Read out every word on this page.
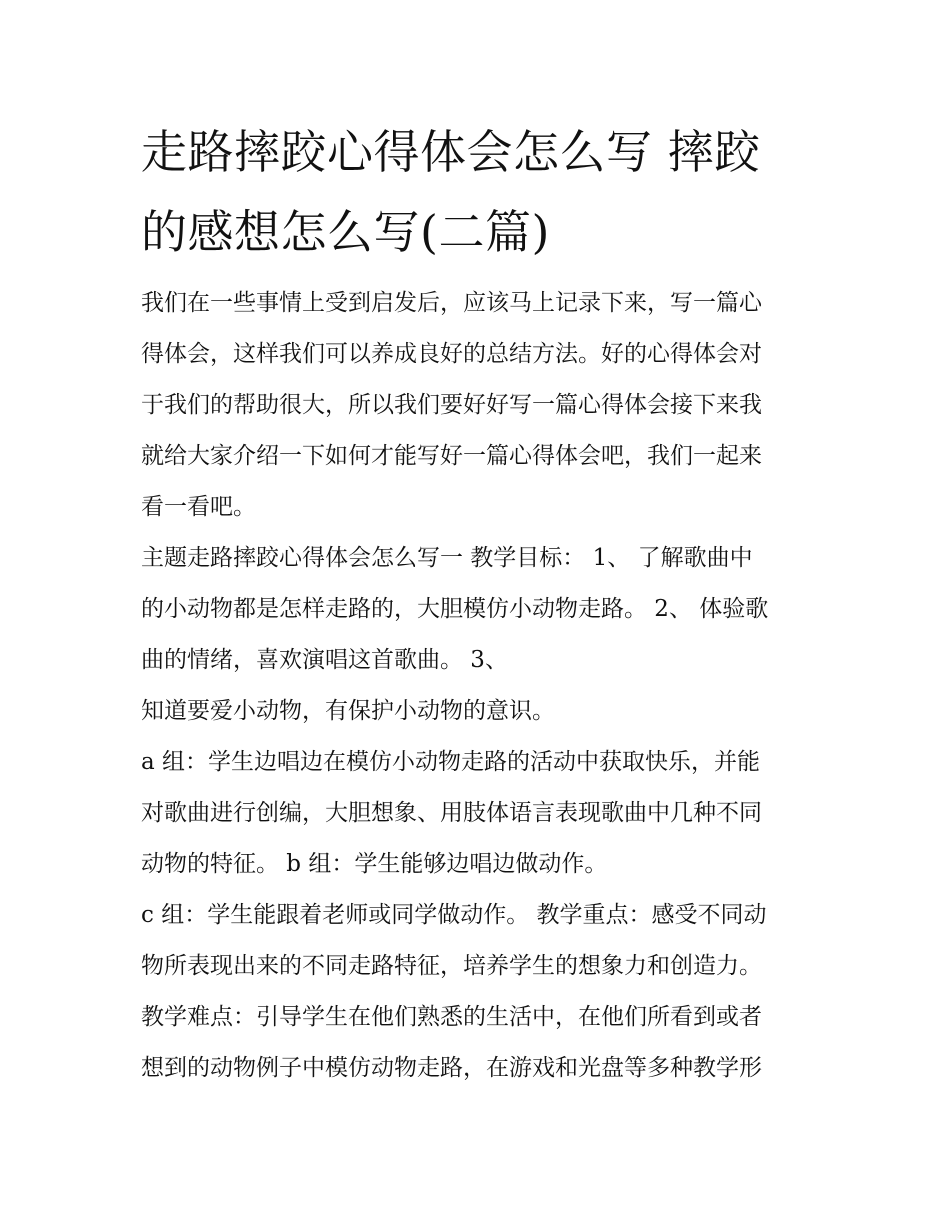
走路摔跤心得体会怎么写 摔跤
的感想怎么写(二篇)
我们在一些事情上受到启发后，应该马上记录下来，写一篇心
得体会，这样我们可以养成良好的总结方法。好的心得体会对
于我们的帮助很大，所以我们要好好写一篇心得体会接下来我
就给大家介绍一下如何才能写好一篇心得体会吧，我们一起来
看一看吧。
主题走路摔跤心得体会怎么写一 教学目标： 1、 了解歌曲中
的小动物都是怎样走路的，大胆模仿小动物走路。 2、 体验歌
曲的情绪，喜欢演唱这首歌曲。 3、
知道要爱小动物，有保护小动物的意识。
a 组：学生边唱边在模仿小动物走路的活动中获取快乐，并能
对歌曲进行创编，大胆想象、用肢体语言表现歌曲中几种不同
动物的特征。 b 组：学生能够边唱边做动作。
c 组：学生能跟着老师或同学做动作。 教学重点：感受不同动
物所表现出来的不同走路特征，培养学生的想象力和创造力。
教学难点：引导学生在他们熟悉的生活中，在他们所看到或者
想到的动物例子中模仿动物走路，在游戏和光盘等多种教学形
